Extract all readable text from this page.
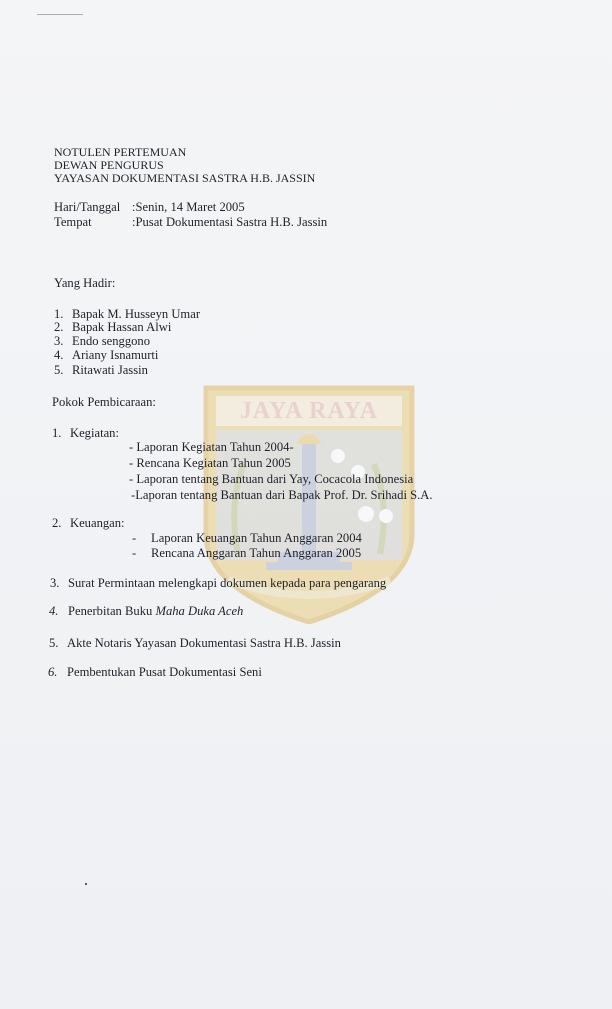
JAYA RAYA
NOTULEN PERTEMUAN
DEWAN PENGURUS
YAYASAN DOKUMENTASI SASTRA H.B. JASSIN
Hari/Tanggal :Senin, 14 Maret 2005
Tempat	:Pusat Dokumentasi Sastra H.B. Jassin
Yang Hadir:
1. Bapak M. Husseyn Umar
2. Bapak Hassan Alwi
3. Endo senggono
4. Ariany Isnamurti
5. Ritawati Jassin
Pokok Pembicaraan:
1. Kegiatan:
- Laporan Kegiatan Tahun 2004-
- Rencana Kegiatan Tahun 2005
- Laporan tentang Bantuan dari Yay, Cocacola Indonesia
-Laporan tentang Bantuan dari Bapak Prof. Dr. Srihadi S.A.
2. Keuangan:
- Laporan Keuangan Tahun Anggaran 2004
- Rencana Anggaran Tahun Anggaran 2005
3. Surat Permintaan melengkapi dokumen kepada para pengarang
4. Penerbitan Buku Maha Duka Aceh
5. Akte Notaris Yayasan Dokumentasi Sastra H.B. Jassin
6. Pembentukan Pusat Dokumentasi Seni
